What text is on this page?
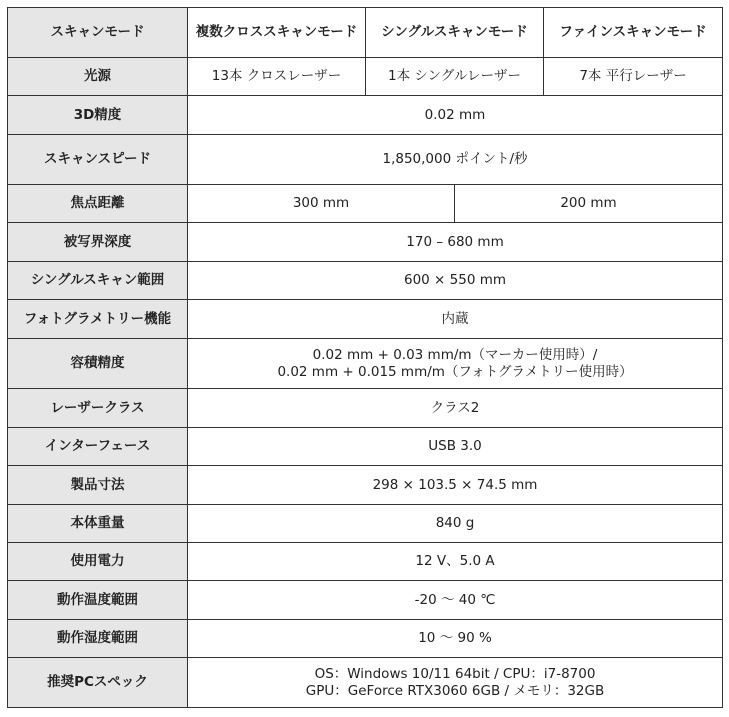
スキャンモード	複数クロススキャンモード	シングルスキャンモード		ファインスキャンモード
光源	13本 クロスレーザー	1本 シングルレーザー		7本 平行レーザー
3D精度	0.02 mm			
スキャンスピード	1,850,000 ポイント/秒			
焦点距離	300 mm		200 mm	
被写界深度	170 – 680 mm			
シングルスキャン範囲	600 × 550 mm			
フォトグラメトリー機能	内蔵			
容積精度	0.02 mm + 0.03 mm/m（マーカー使用時）/
0.02 mm + 0.015 mm/m（フォトグラメトリー使用時）			

レーザークラス	クラス2			
インターフェース	USB 3.0			
製品寸法	298 × 103.5 × 74.5 mm			
本体重量	840 g			
使用電力	12 V、5.0 A			
動作温度範囲	-20 ～ 40 ℃			
動作湿度範囲	10 ～ 90 %			
推奨PCスペック	OS：Windows 10/11 64bit / CPU：i7-8700
GPU：GeForce RTX3060 6GB / メモリ：32GB			
